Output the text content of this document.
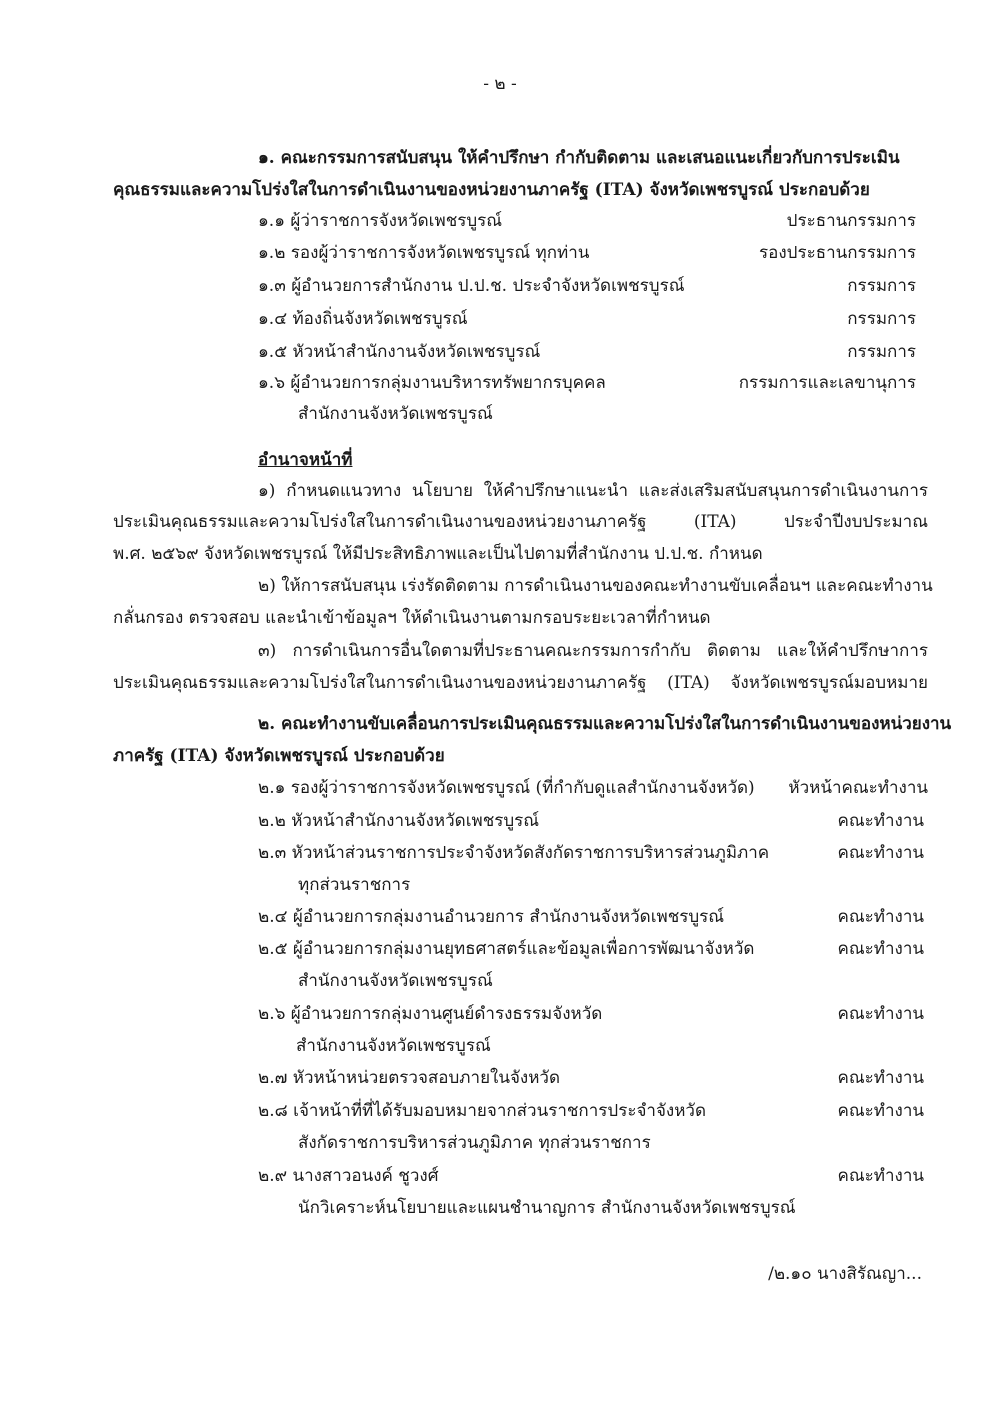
- ๒ -
๑. คณะกรรมการสนับสนุน ให้คำปรึกษา กำกับติดตาม และเสนอแนะเกี่ยวกับการประเมิน
คุณธรรมและความโปร่งใสในการดำเนินงานของหน่วยงานภาครัฐ (ITA) จังหวัดเพชรบูรณ์ ประกอบด้วย
๑.๑ ผู้ว่าราชการจังหวัดเพชรบูรณ์	ประธานกรรมการ
๑.๒ รองผู้ว่าราชการจังหวัดเพชรบูรณ์ ทุกท่าน	รองประธานกรรมการ
๑.๓ ผู้อำนวยการสำนักงาน ป.ป.ช. ประจำจังหวัดเพชรบูรณ์	กรรมการ
๑.๔ ท้องถิ่นจังหวัดเพชรบูรณ์	กรรมการ
๑.๕ หัวหน้าสำนักงานจังหวัดเพชรบูรณ์	กรรมการ
๑.๖ ผู้อำนวยการกลุ่มงานบริหารทรัพยากรบุคคล	กรรมการและเลขานุการ
สำนักงานจังหวัดเพชรบูรณ์
อำนาจหน้าที่
๑) กำหนดแนวทาง นโยบาย ให้คำปรึกษาแนะนำ และส่งเสริมสนับสนุนการดำเนินงานการ
ประเมินคุณธรรมและความโปร่งใสในการดำเนินงานของหน่วยงานภาครัฐ (ITA) ประจำปีงบประมาณ
พ.ศ. ๒๕๖๙ จังหวัดเพชรบูรณ์ ให้มีประสิทธิภาพและเป็นไปตามที่สำนักงาน ป.ป.ช. กำหนด
๒) ให้การสนับสนุน เร่งรัดติดตาม การดำเนินงานของคณะทำงานขับเคลื่อนฯ และคณะทำงาน
กลั่นกรอง ตรวจสอบ และนำเข้าข้อมูลฯ ให้ดำเนินงานตามกรอบระยะเวลาที่กำหนด
๓) การดำเนินการอื่นใดตามที่ประธานคณะกรรมการกำกับ ติดตาม และให้คำปรึกษาการ
ประเมินคุณธรรมและความโปร่งใสในการดำเนินงานของหน่วยงานภาครัฐ (ITA) จังหวัดเพชรบูรณ์มอบหมาย
๒. คณะทำงานขับเคลื่อนการประเมินคุณธรรมและความโปร่งใสในการดำเนินงานของหน่วยงาน
ภาครัฐ (ITA) จังหวัดเพชรบูรณ์ ประกอบด้วย
๒.๑ รองผู้ว่าราชการจังหวัดเพชรบูรณ์ (ที่กำกับดูแลสำนักงานจังหวัด) หัวหน้าคณะทำงาน
๒.๒ หัวหน้าสำนักงานจังหวัดเพชรบูรณ์	คณะทำงาน
๒.๓ หัวหน้าส่วนราชการประจำจังหวัดสังกัดราชการบริหารส่วนภูมิภาค	คณะทำงาน
ทุกส่วนราชการ
๒.๔ ผู้อำนวยการกลุ่มงานอำนวยการ สำนักงานจังหวัดเพชรบูรณ์	คณะทำงาน
๒.๕ ผู้อำนวยการกลุ่มงานยุทธศาสตร์และข้อมูลเพื่อการพัฒนาจังหวัด	คณะทำงาน
สำนักงานจังหวัดเพชรบูรณ์
๒.๖ ผู้อำนวยการกลุ่มงานศูนย์ดำรงธรรมจังหวัด	คณะทำงาน
สำนักงานจังหวัดเพชรบูรณ์
๒.๗ หัวหน้าหน่วยตรวจสอบภายในจังหวัด	คณะทำงาน
๒.๘ เจ้าหน้าที่ที่ได้รับมอบหมายจากส่วนราชการประจำจังหวัด	คณะทำงาน
สังกัดราชการบริหารส่วนภูมิภาค ทุกส่วนราชการ
๒.๙ นางสาวอนงค์ ชูวงศ์	คณะทำงาน
นักวิเคราะห์นโยบายและแผนชำนาญการ สำนักงานจังหวัดเพชรบูรณ์
/๒.๑๐ นางสิรัณญา...
